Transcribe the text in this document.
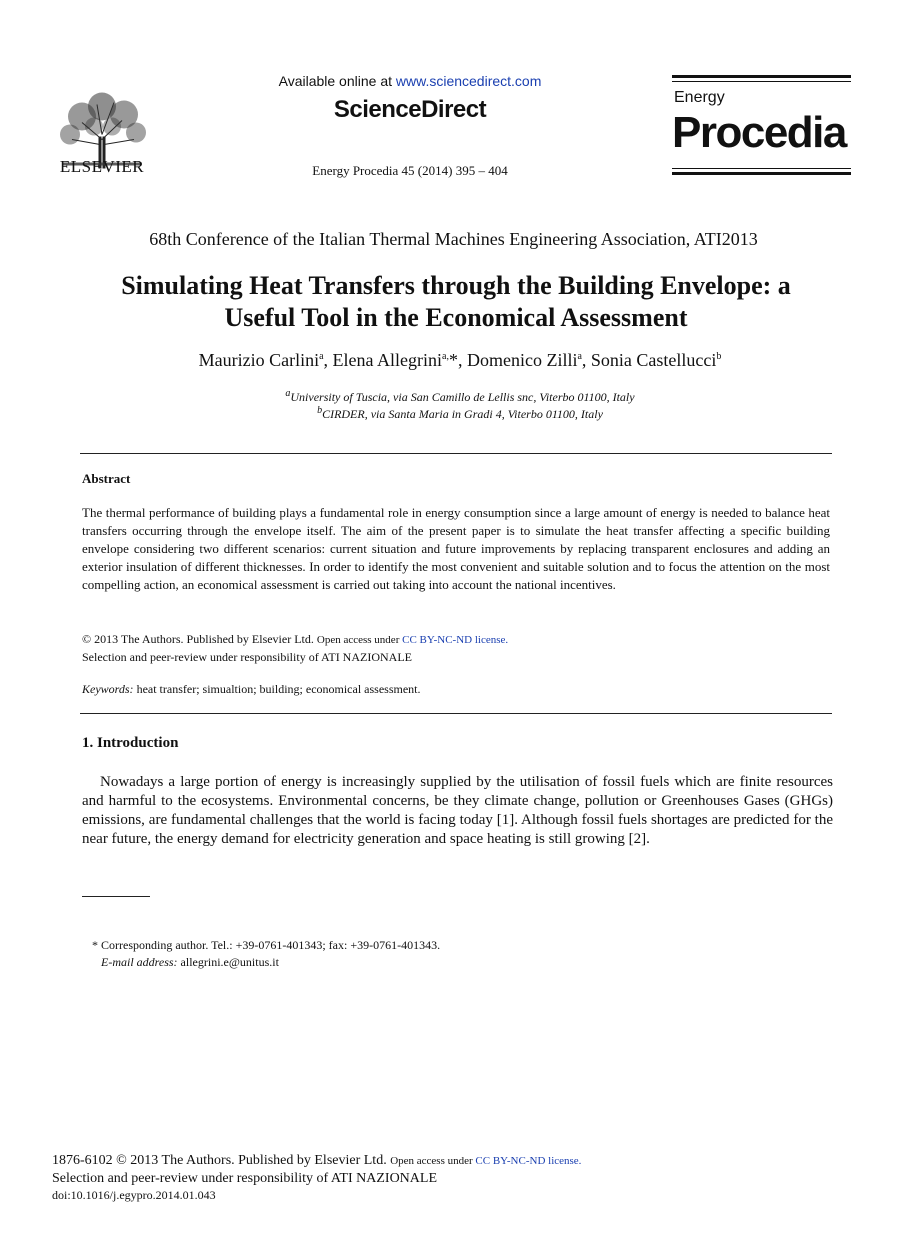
ELSEVIER
Available online at www.sciencedirect.com
ScienceDirect
Energy Procedia 45 (2014) 395 – 404
Energy
Procedia
68th Conference of the Italian Thermal Machines Engineering Association, ATI2013
Simulating Heat Transfers through the Building Envelope: a
Useful Tool in the Economical Assessment
Maurizio Carlini$^a$, Elena Allegrini$^{a,}$*, Domenico Zilli$^a$, Sonia Castellucci$^b$
$^a$University of Tuscia, via San Camillo de Lellis snc, Viterbo 01100, Italy
$^b$CIRDER, via Santa Maria in Gradi 4, Viterbo 01100, Italy
Abstract
The thermal performance of building plays a fundamental role in energy consumption since a large amount of energy is needed to balance heat transfers occurring through the envelope itself. The aim of the present paper is to simulate the heat transfer affecting a specific building envelope considering two different scenarios: current situation and future improvements by replacing transparent enclosures and adding an exterior insulation of different thicknesses. In order to identify the most convenient and suitable solution and to focus the attention on the most compelling action, an economical assessment is carried out taking into account the national incentives.
© 2013 The Authors. Published by Elsevier Ltd. Open access under CC BY-NC-ND license.
Selection and peer-review under responsibility of ATI NAZIONALE
Keywords: heat transfer; simualtion; building; economical assessment.
1. Introduction
Nowadays a large portion of energy is increasingly supplied by the utilisation of fossil fuels which are finite resources and harmful to the ecosystems. Environmental concerns, be they climate change, pollution or Greenhouses Gases (GHGs) emissions, are fundamental challenges that the world is facing today [1]. Although fossil fuels shortages are predicted for the near future, the energy demand for electricity generation and space heating is still growing [2].
* Corresponding author. Tel.: +39-0761-401343; fax: +39-0761-401343.
E-mail address: allegrini.e@unitus.it
1876-6102 © 2013 The Authors. Published by Elsevier Ltd. Open access under CC BY-NC-ND license.
Selection and peer-review under responsibility of ATI NAZIONALE
doi:10.1016/j.egypro.2014.01.043
